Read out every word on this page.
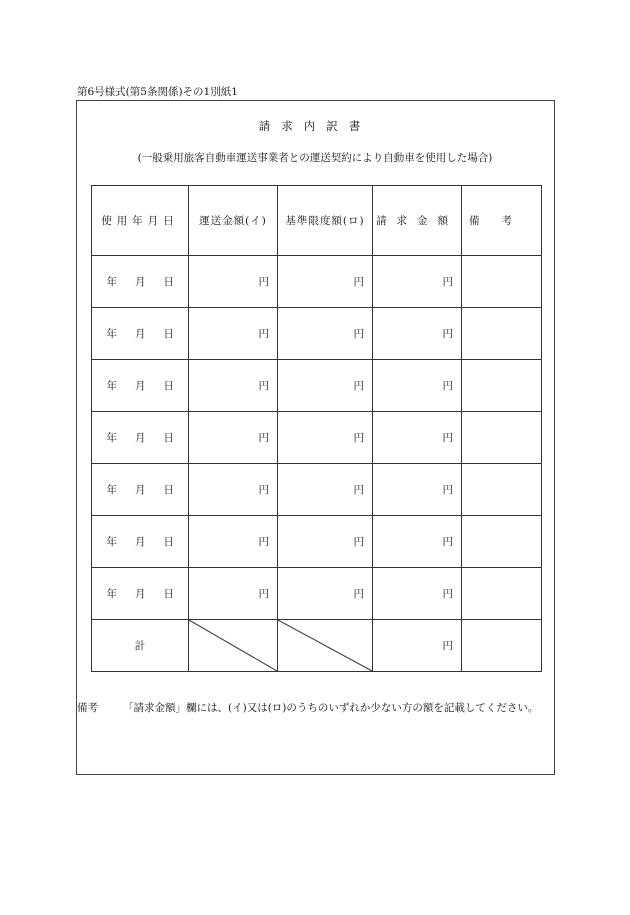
第6号様式(第5条関係)その1別紙1
請求内訳書
(一般乗用旅客自動車運送事業者との運送契約により自動車を使用した場合)
使用年月日	運送金額(イ)	基準限度額(ロ)	請求金額	備考
年 月 日	円	円	円	
年 月 日	円	円	円	
年 月 日	円	円	円	
年 月 日	円	円	円	
年 月 日	円	円	円	
年 月 日	円	円	円	
年 月 日	円	円	円	
計			円	
備考 「請求金額」欄には、(イ)又は(ロ)のうちのいずれか少ない方の額を記載してください。
